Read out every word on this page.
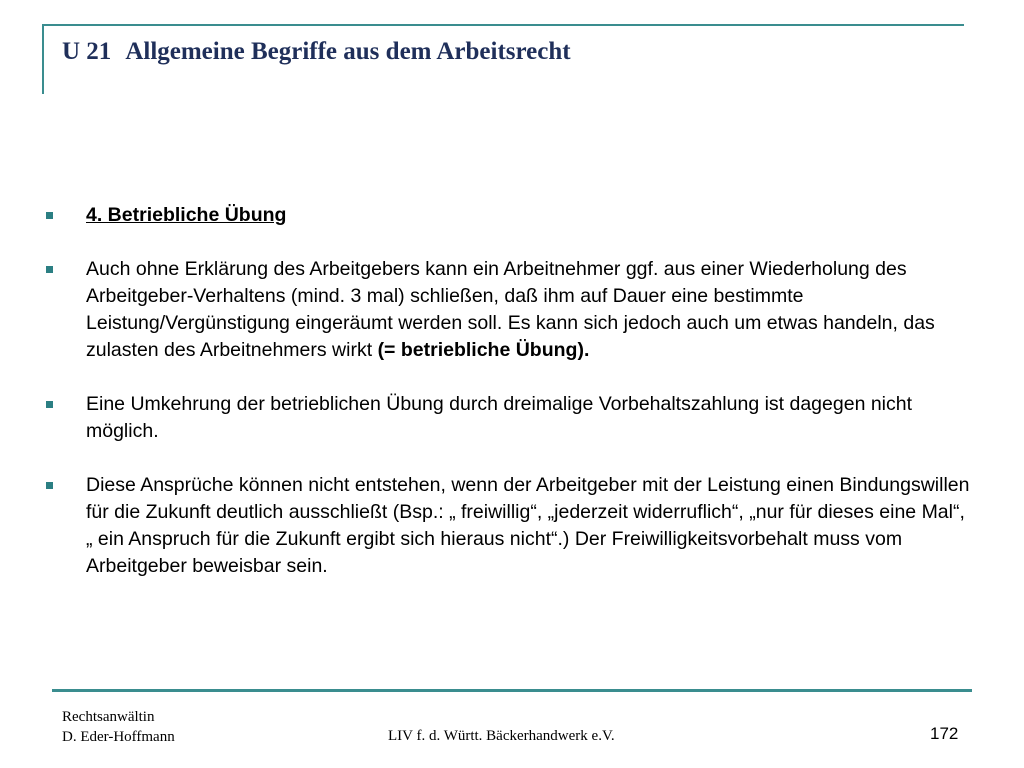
U 21 Allgemeine Begriffe aus dem Arbeitsrecht
4. Betriebliche Übung
Auch ohne Erklärung des Arbeitgebers kann ein Arbeitnehmer ggf. aus einer Wiederholung des Arbeitgeber-Verhaltens (mind. 3 mal) schließen, daß ihm auf Dauer eine bestimmte Leistung/Vergünstigung eingeräumt werden soll. Es kann sich jedoch auch um etwas handeln, das zulasten des Arbeitnehmers wirkt (= betriebliche Übung).
Eine Umkehrung der betrieblichen Übung durch dreimalige Vorbehaltszahlung ist dagegen nicht möglich.
Diese Ansprüche können nicht entstehen, wenn der Arbeitgeber mit der Leistung einen Bindungswillen für die Zukunft deutlich ausschließt (Bsp.: „ freiwillig“, „jederzeit widerruflich“, „nur für dieses eine Mal“, „ ein Anspruch für die Zukunft ergibt sich hieraus nicht“.) Der Freiwilligkeitsvorbehalt muss vom Arbeitgeber beweisbar sein.
Rechtsanwältin
D. Eder-Hoffmann	LIV f. d. Württ. Bäckerhandwerk e.V.	172
